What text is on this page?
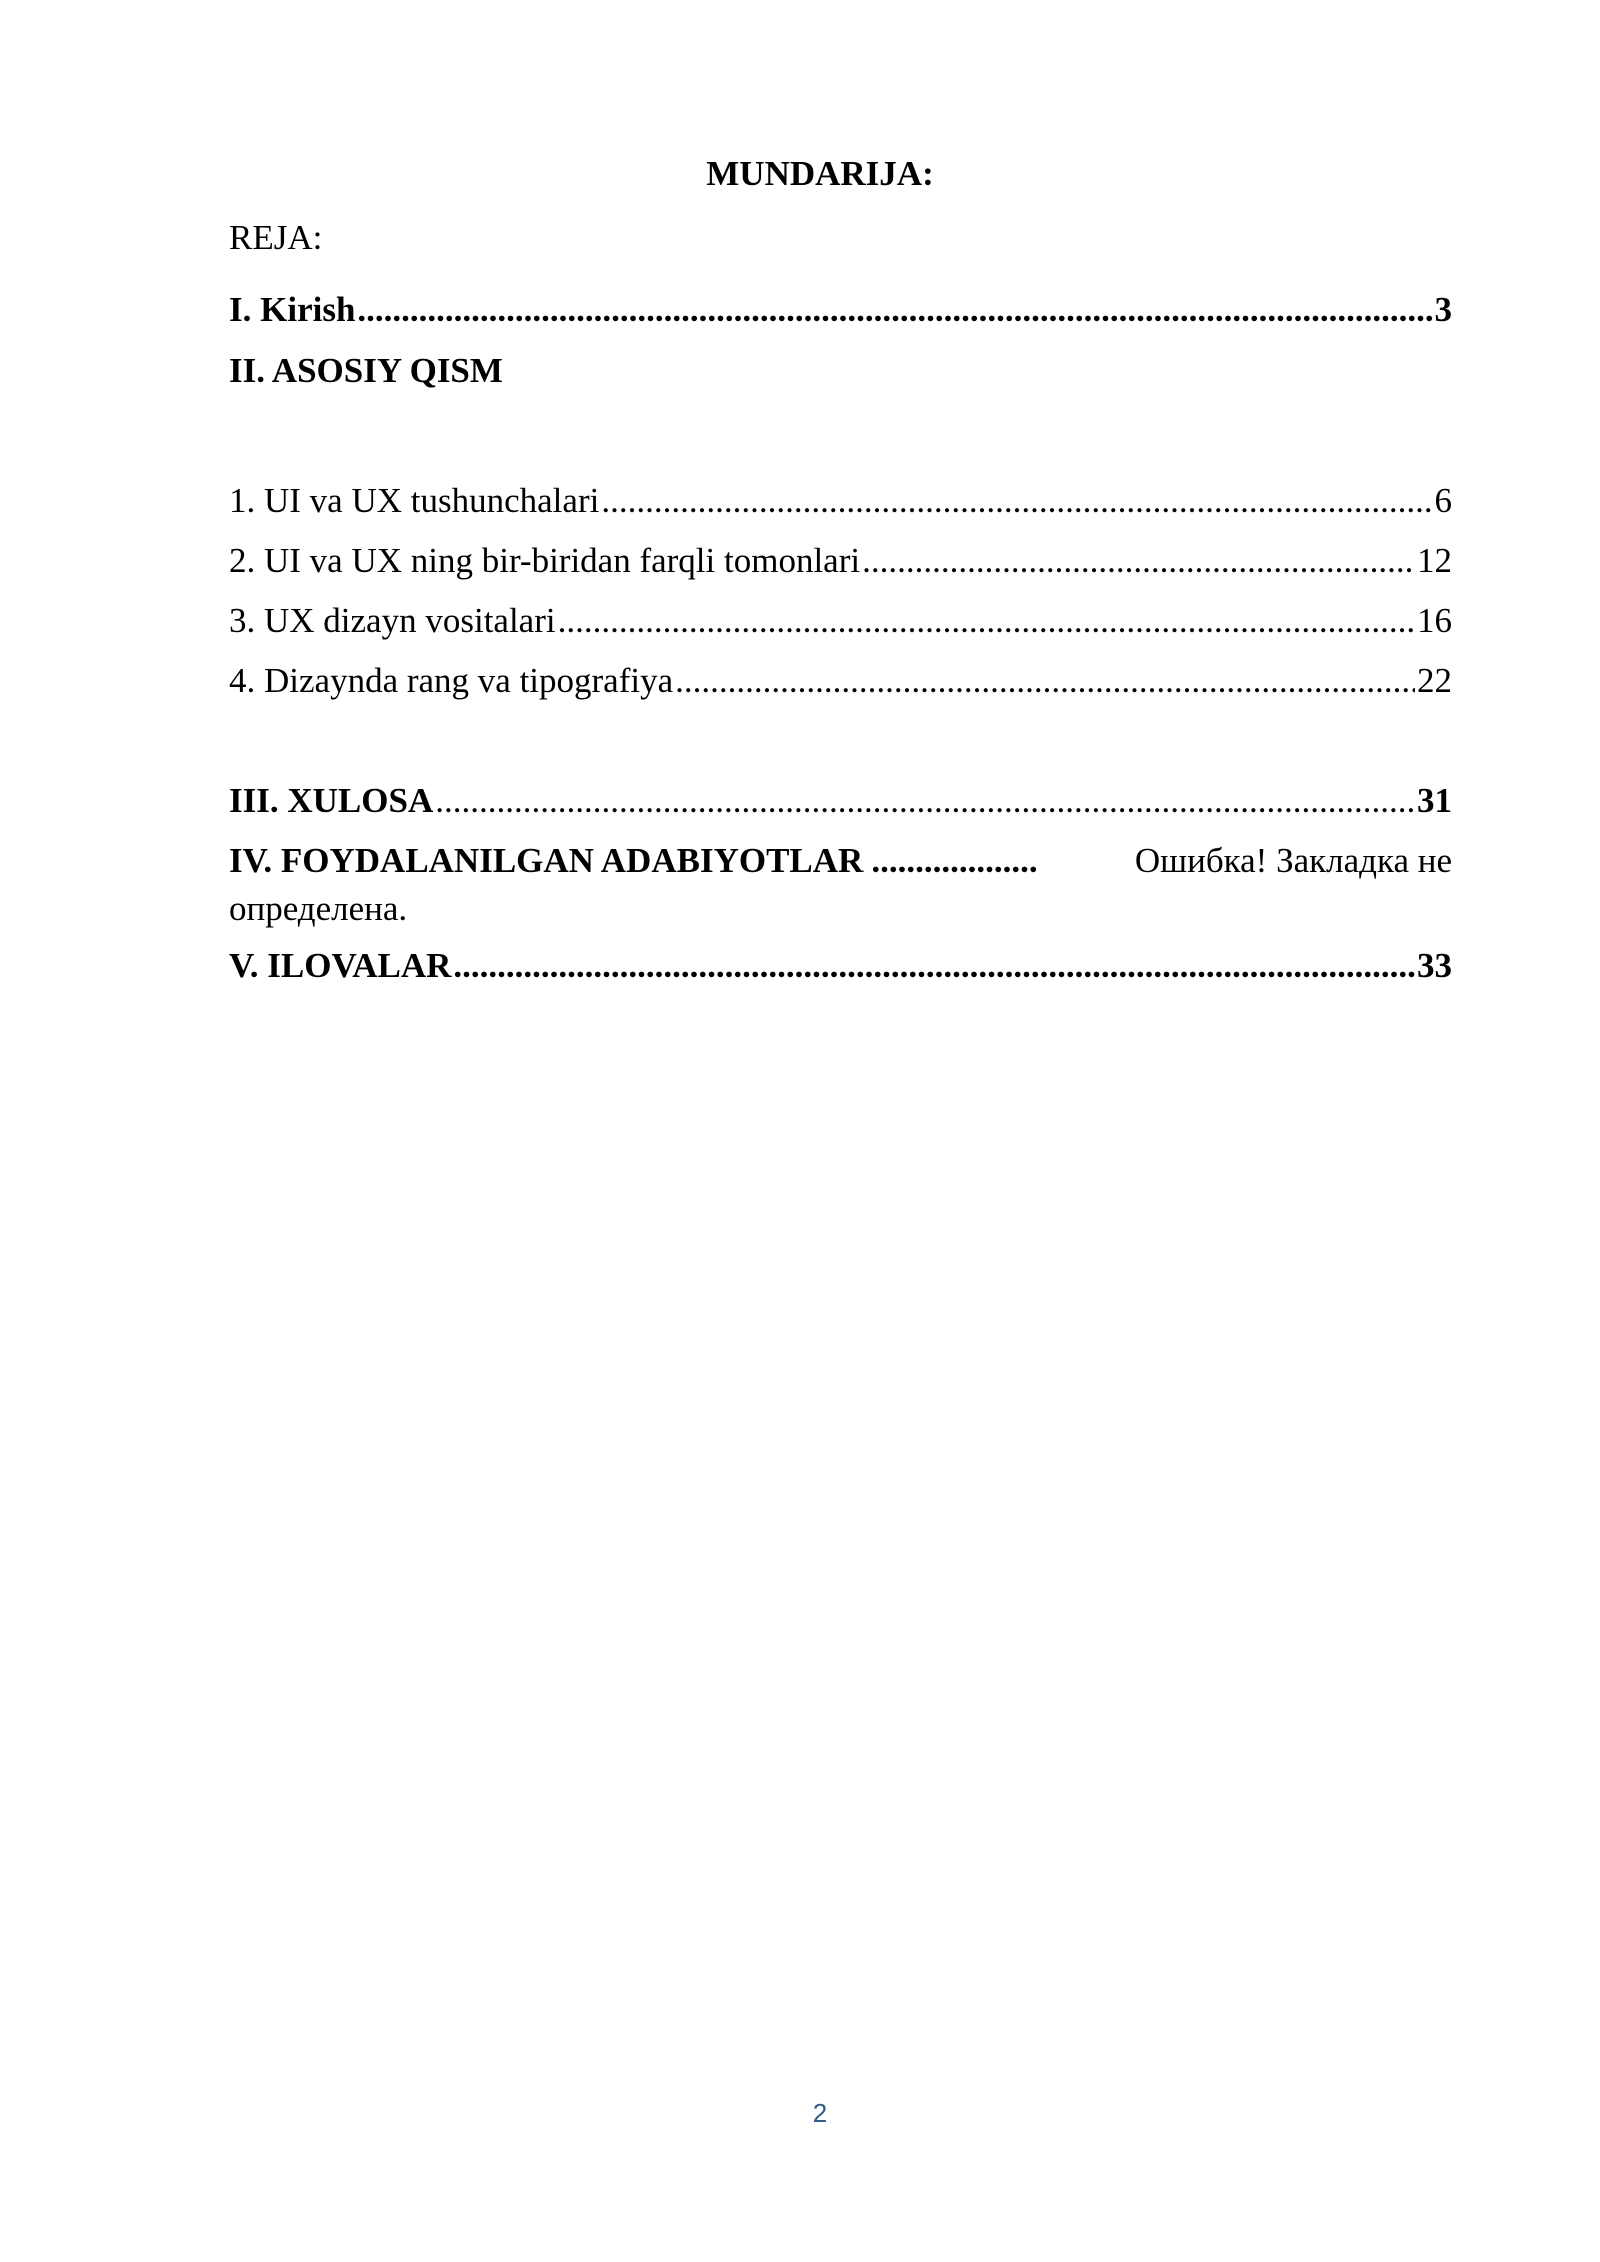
MUNDARIJA:
REJA:
I. Kirish .....	3
II. ASOSIY QISM
1. UI va UX tushunchalari .....	6
2. UI va UX ning bir-biridan farqli tomonlari .....	12
3. UX dizayn vositalari .....	16
4. Dizaynda rang va tipografiya .....	22
III. XULOSA .....	31
IV. FOYDALANILGAN ADABIYOTLAR ...................	Ошибка! Закладка не
определена.
V. ILOVALAR .....	33
2
